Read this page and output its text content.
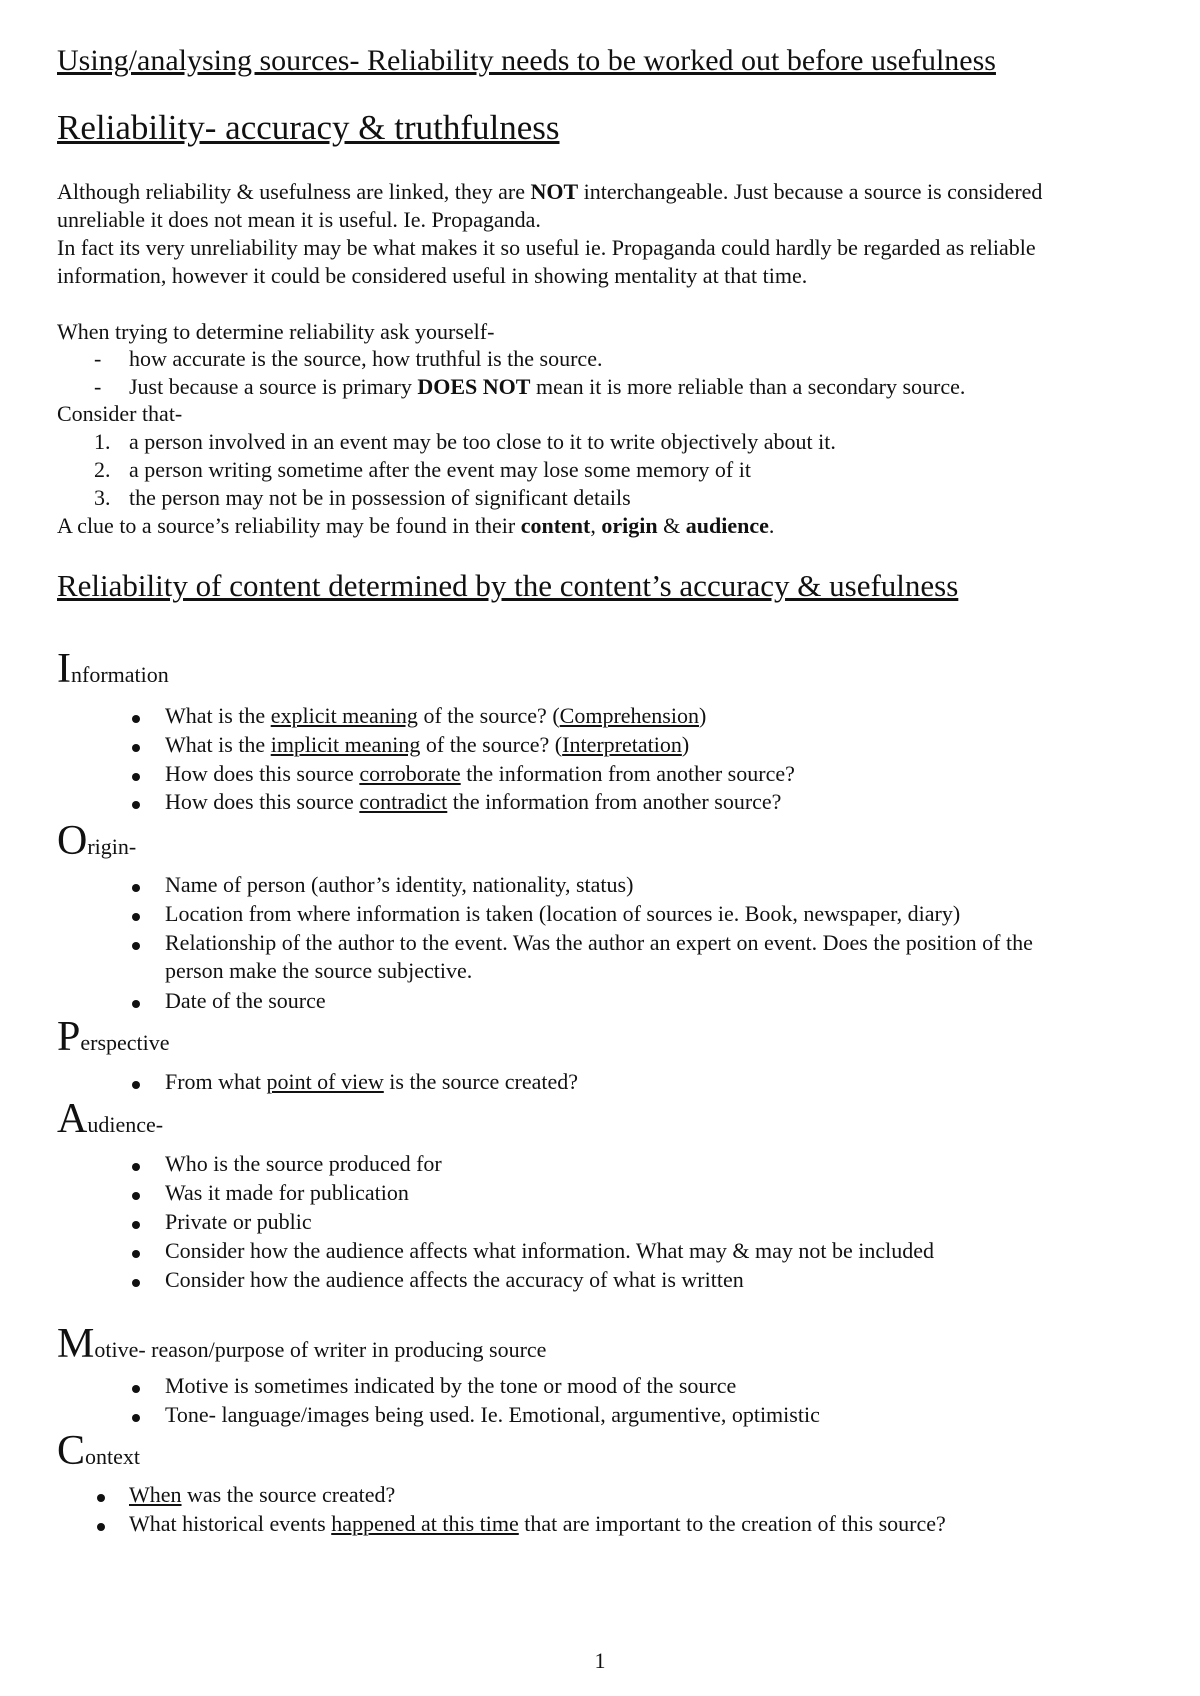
Using/analysing sources- Reliability needs to be worked out before usefulness
Reliability- accuracy & truthfulness
Although reliability & usefulness are linked, they are NOT interchangeable. Just because a source is considered
unreliable it does not mean it is useful. Ie. Propaganda.
In fact its very unreliability may be what makes it so useful ie. Propaganda could hardly be regarded as reliable
information, however it could be considered useful in showing mentality at that time.
When trying to determine reliability ask yourself-
- how accurate is the source, how truthful is the source.
- Just because a source is primary DOES NOT mean it is more reliable than a secondary source.
Consider that-
1. a person involved in an event may be too close to it to write objectively about it.
2. a person writing sometime after the event may lose some memory of it
3. the person may not be in possession of significant details
A clue to a source’s reliability may be found in their content, origin & audience.
Reliability of content determined by the content’s accuracy & usefulness
Information
What is the explicit meaning of the source? (Comprehension)
What is the implicit meaning of the source? (Interpretation)
How does this source corroborate the information from another source?
How does this source contradict the information from another source?
Origin-
Name of person (author’s identity, nationality, status)
Location from where information is taken (location of sources ie. Book, newspaper, diary)
Relationship of the author to the event. Was the author an expert on event. Does the position of the
person make the source subjective.
Date of the source
Perspective
From what point of view is the source created?
Audience-
Who is the source produced for
Was it made for publication
Private or public
Consider how the audience affects what information. What may & may not be included
Consider how the audience affects the accuracy of what is written
Motive- reason/purpose of writer in producing source
Motive is sometimes indicated by the tone or mood of the source
Tone- language/images being used. Ie. Emotional, argumentive, optimistic
Context
When was the source created?
What historical events happened at this time that are important to the creation of this source?
1
